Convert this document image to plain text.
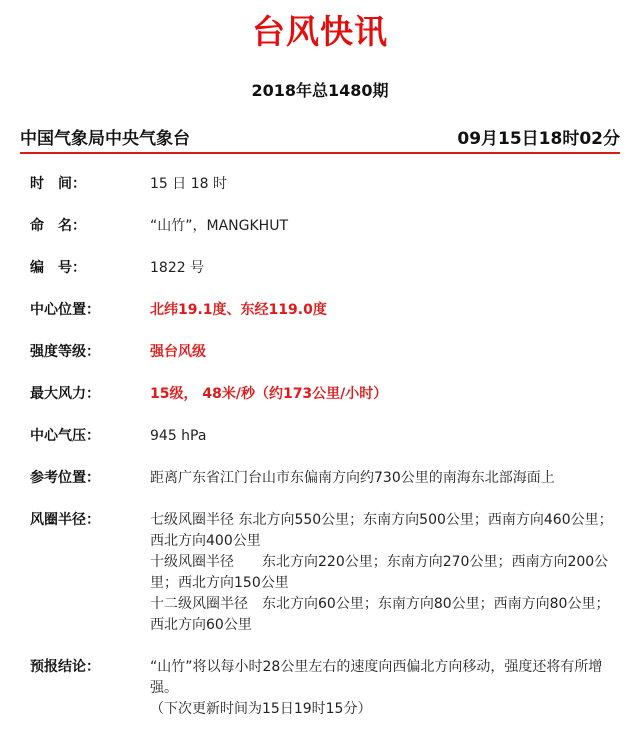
台风快讯
2018年总1480期
中国气象局中央气象台	09月15日18时02分
时　间：	15 日 18 时
命　名：	“山竹”，MANGKHUT
编　号：	1822 号
中心位置：	北纬19.1度、东经119.0度
强度等级：	强台风级
最大风力：	15级， 48米/秒（约173公里/小时）
中心气压：	945 hPa
参考位置：	距离广东省江门台山市东偏南方向约730公里的南海东北部海面上
风圈半径：	七级风圈半径 东北方向550公里；东南方向500公里；西南方向460公里；西北方向400公里
十级风圈半径　　东北方向220公里；东南方向270公里；西南方向200公里；西北方向150公里
十二级风圈半径　东北方向60公里；东南方向80公里；西南方向80公里；西北方向60公里
预报结论：	“山竹”将以每小时28公里左右的速度向西偏北方向移动，强度还将有所增强。
（下次更新时间为15日19时15分）
